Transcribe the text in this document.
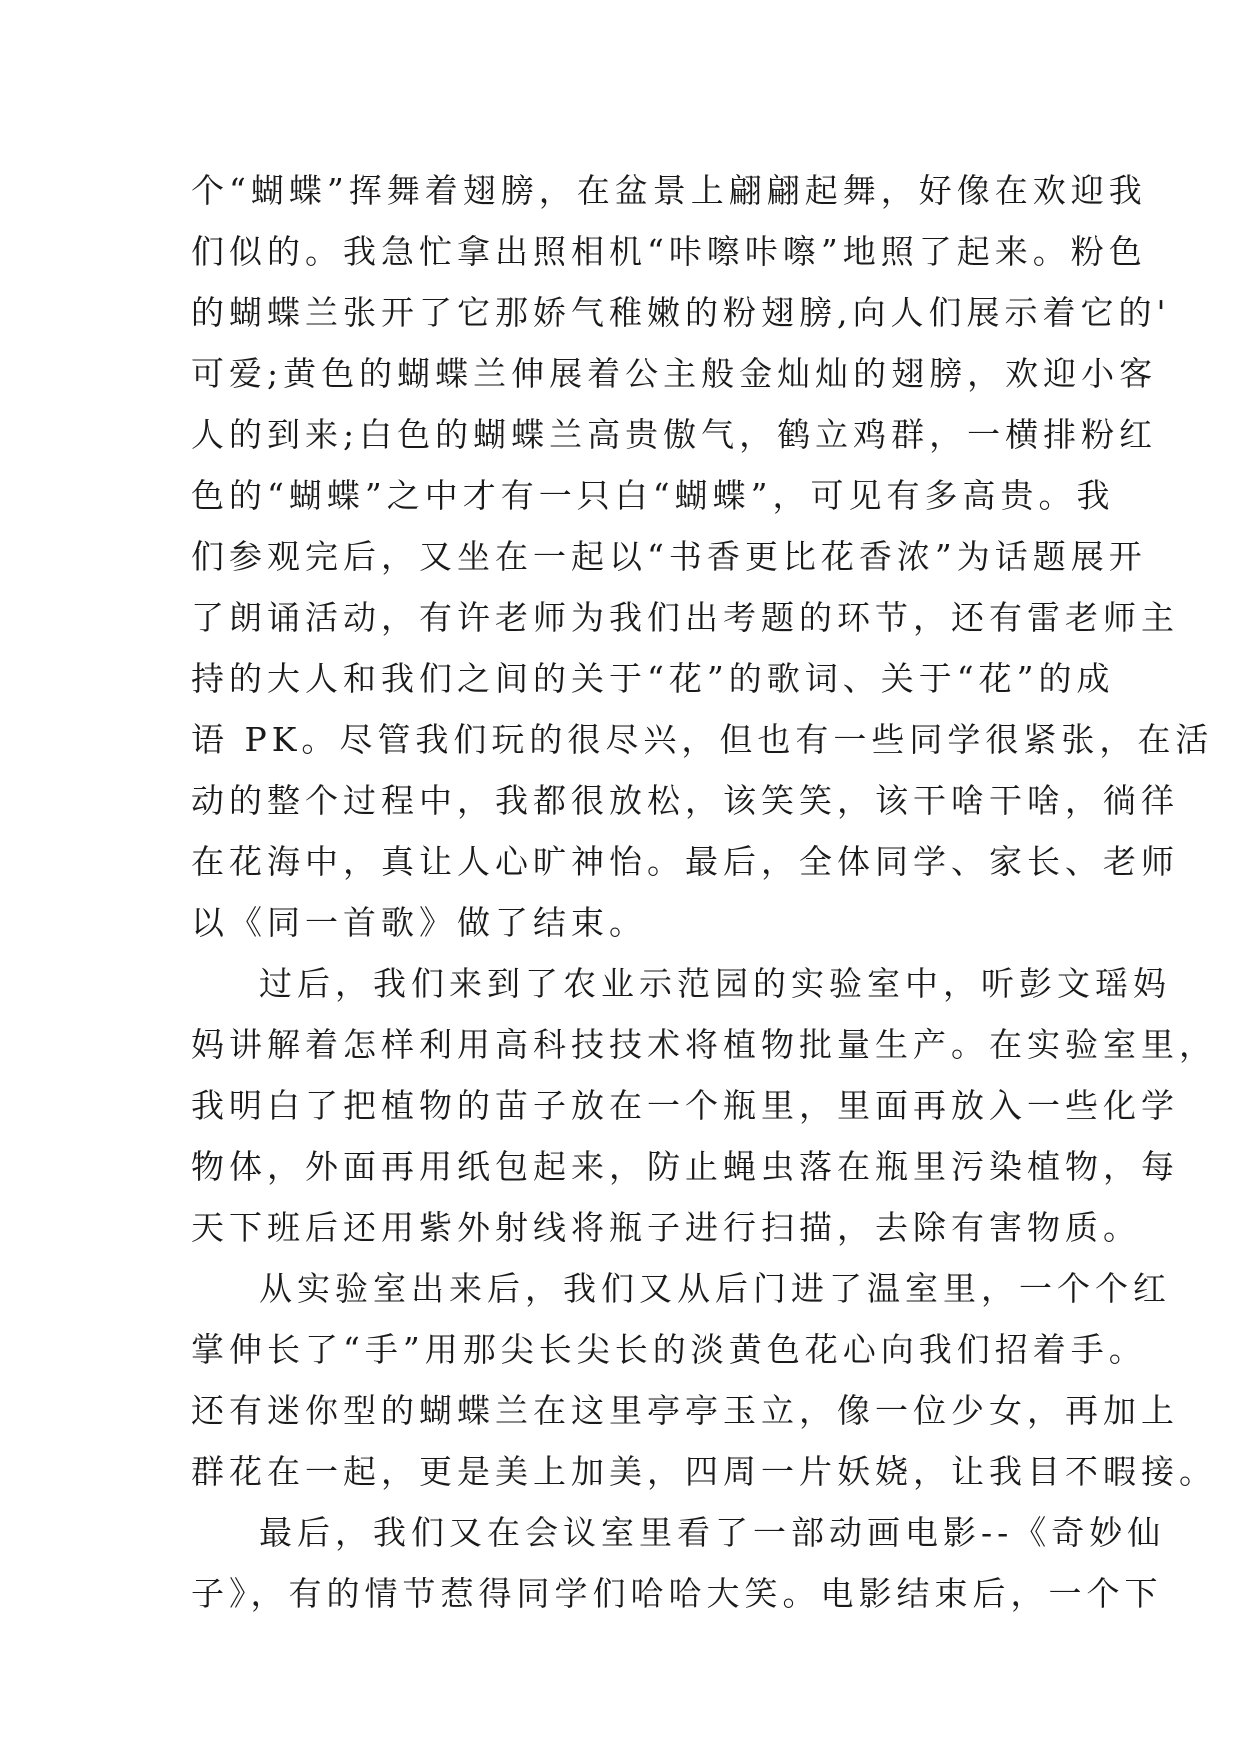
个“蝴蝶”挥舞着翅膀，在盆景上翩翩起舞，好像在欢迎我
们似的。我急忙拿出照相机“咔嚓咔嚓”地照了起来。粉色
的蝴蝶兰张开了它那娇气稚嫩的粉翅膀,向人们展示着它的'
可爱;黄色的蝴蝶兰伸展着公主般金灿灿的翅膀，欢迎小客
人的到来;白色的蝴蝶兰高贵傲气，鹤立鸡群，一横排粉红
色的“蝴蝶”之中才有一只白“蝴蝶”，可见有多高贵。我
们参观完后，又坐在一起以“书香更比花香浓”为话题展开
了朗诵活动，有许老师为我们出考题的环节，还有雷老师主
持的大人和我们之间的关于“花”的歌词、关于“花”的成
语 PK。尽管我们玩的很尽兴，但也有一些同学很紧张，在活
动的整个过程中，我都很放松，该笑笑，该干啥干啥，徜徉
在花海中，真让人心旷神怡。最后，全体同学、家长、老师
以《同一首歌》做了结束。
过后，我们来到了农业示范园的实验室中，听彭文瑶妈
妈讲解着怎样利用高科技技术将植物批量生产。在实验室里，
我明白了把植物的苗子放在一个瓶里，里面再放入一些化学
物体，外面再用纸包起来，防止蝇虫落在瓶里污染植物，每
天下班后还用紫外射线将瓶子进行扫描，去除有害物质。
从实验室出来后，我们又从后门进了温室里，一个个红
掌伸长了“手”用那尖长尖长的淡黄色花心向我们招着手。
还有迷你型的蝴蝶兰在这里亭亭玉立，像一位少女，再加上
群花在一起，更是美上加美，四周一片妖娆，让我目不暇接。
最后，我们又在会议室里看了一部动画电影--《奇妙仙
子》，有的情节惹得同学们哈哈大笑。电影结束后，一个下
